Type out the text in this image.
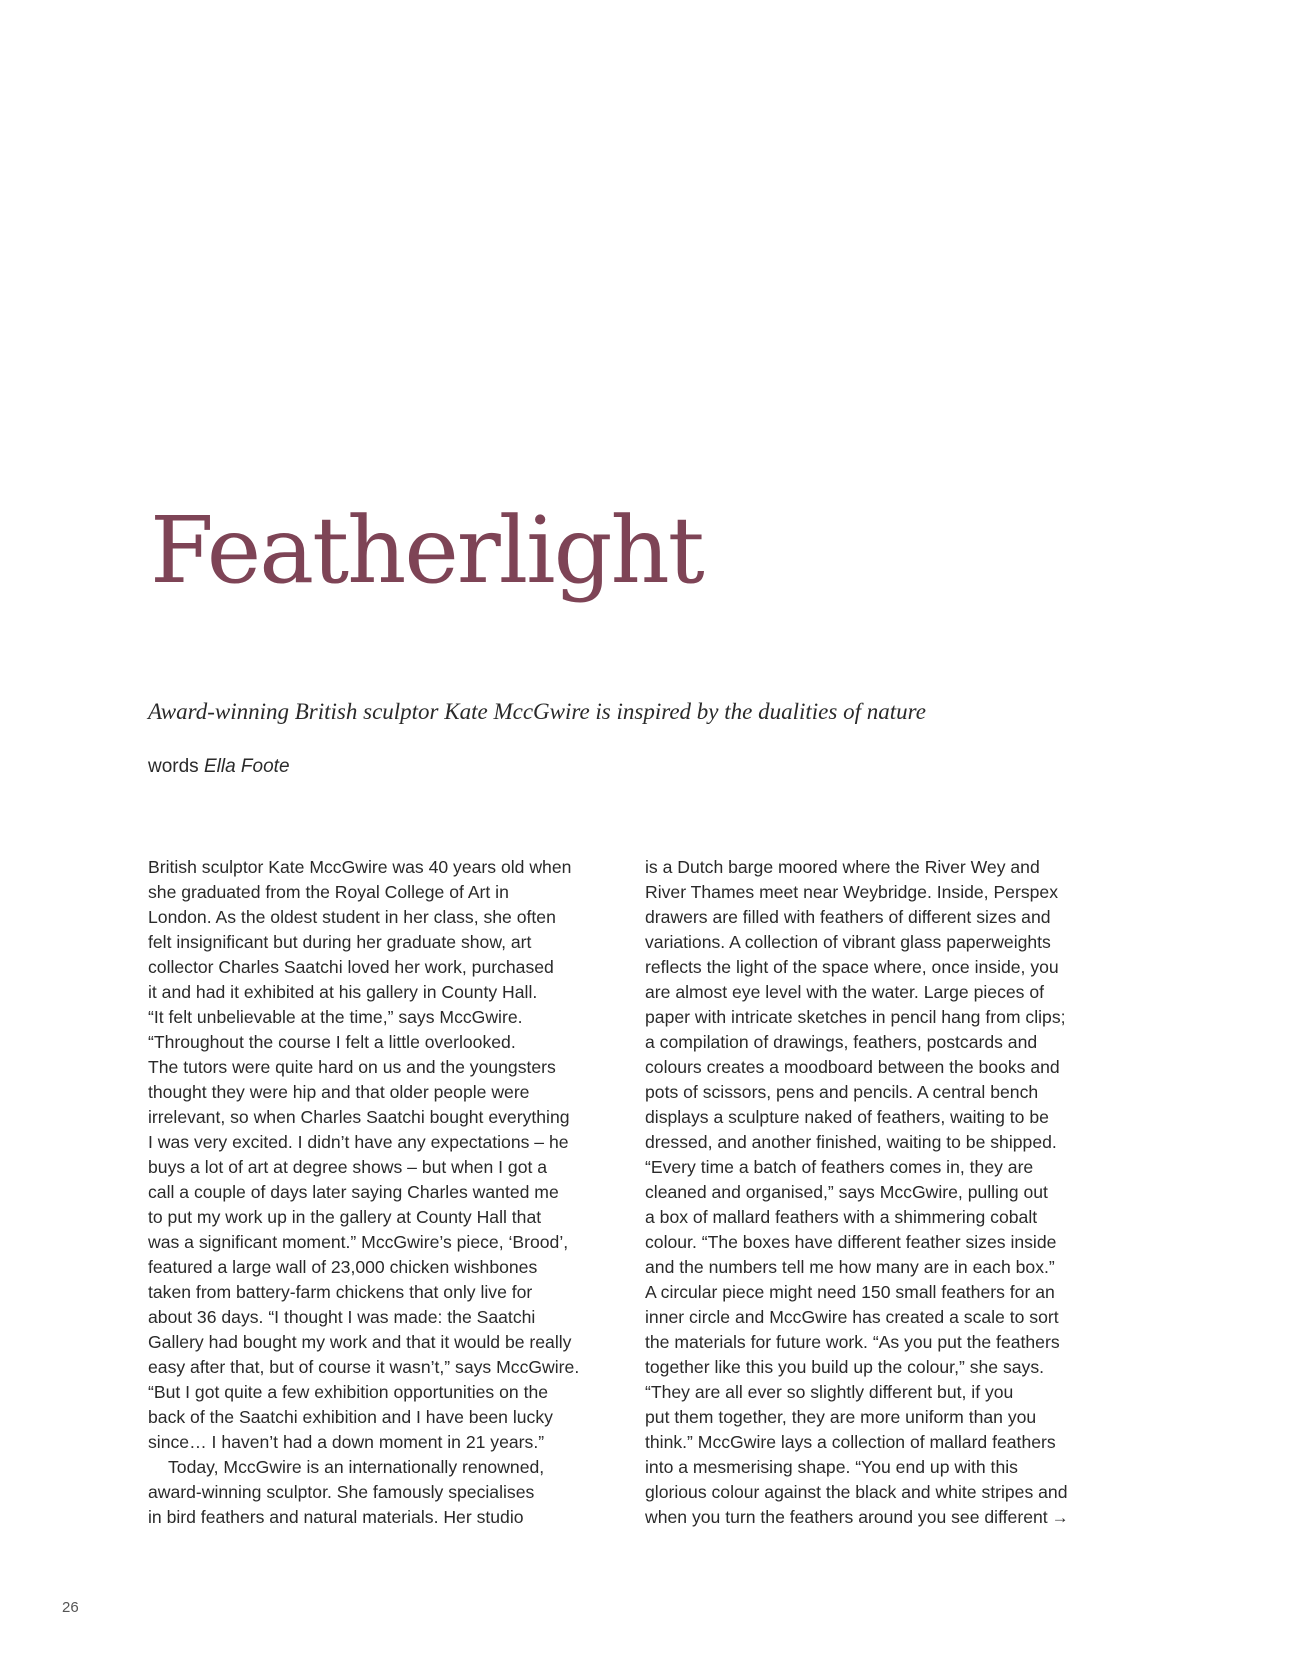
Featherlight

Award-winning British sculptor Kate MccGwire is inspired by the dualities of nature

words Ella Foote

British sculptor Kate MccGwire was 40 years old when
she graduated from the Royal College of Art in
London. As the oldest student in her class, she often
felt insignificant but during her graduate show, art
collector Charles Saatchi loved her work, purchased
it and had it exhibited at his gallery in County Hall.
“It felt unbelievable at the time,” says MccGwire.
“Throughout the course I felt a little overlooked.
The tutors were quite hard on us and the youngsters
thought they were hip and that older people were
irrelevant, so when Charles Saatchi bought everything
I was very excited. I didn’t have any expectations – he
buys a lot of art at degree shows – but when I got a
call a couple of days later saying Charles wanted me
to put my work up in the gallery at County Hall that
was a significant moment.” MccGwire’s piece, ‘Brood’,
featured a large wall of 23,000 chicken wishbones
taken from battery-farm chickens that only live for
about 36 days. “I thought I was made: the Saatchi
Gallery had bought my work and that it would be really
easy after that, but of course it wasn’t,” says MccGwire.
“But I got quite a few exhibition opportunities on the
back of the Saatchi exhibition and I have been lucky
since… I haven’t had a down moment in 21 years.”
Today, MccGwire is an internationally renowned,
award-winning sculptor. She famously specialises
in bird feathers and natural materials. Her studio
is a Dutch barge moored where the River Wey and
River Thames meet near Weybridge. Inside, Perspex
drawers are filled with feathers of different sizes and
variations. A collection of vibrant glass paperweights
reflects the light of the space where, once inside, you
are almost eye level with the water. Large pieces of
paper with intricate sketches in pencil hang from clips;
a compilation of drawings, feathers, postcards and
colours creates a moodboard between the books and
pots of scissors, pens and pencils. A central bench
displays a sculpture naked of feathers, waiting to be
dressed, and another finished, waiting to be shipped.
“Every time a batch of feathers comes in, they are
cleaned and organised,” says MccGwire, pulling out
a box of mallard feathers with a shimmering cobalt
colour. “The boxes have different feather sizes inside
and the numbers tell me how many are in each box.”
A circular piece might need 150 small feathers for an
inner circle and MccGwire has created a scale to sort
the materials for future work. “As you put the feathers
together like this you build up the colour,” she says.
“They are all ever so slightly different but, if you
put them together, they are more uniform than you
think.” MccGwire lays a collection of mallard feathers
into a mesmerising shape. “You end up with this
glorious colour against the black and white stripes and
when you turn the feathers around you see different →
26
